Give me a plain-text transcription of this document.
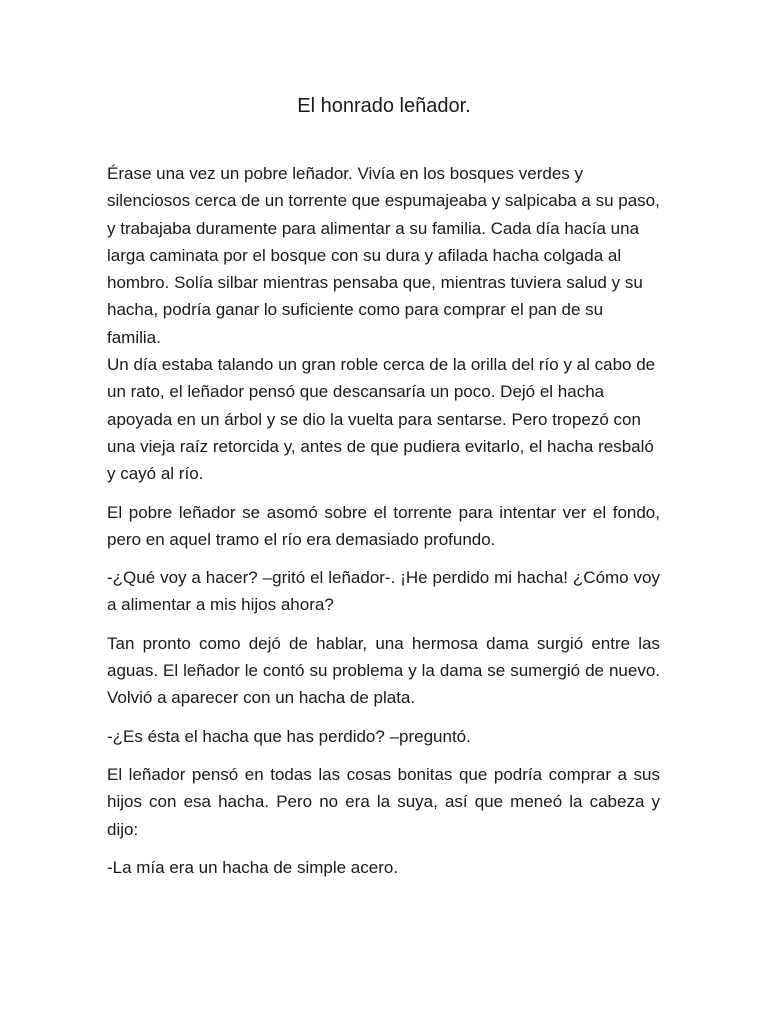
El honrado leñador.

Érase una vez un pobre leñador. Vivía en los bosques verdes y silenciosos cerca de un torrente que espumajeaba y salpicaba a su paso, y trabajaba duramente para alimentar a su familia. Cada día hacía una larga caminata por el bosque con su dura y afilada hacha colgada al hombro. Solía silbar mientras pensaba que, mientras tuviera salud y su hacha, podría ganar lo suficiente como para comprar el pan de su familia.

Un día estaba talando un gran roble cerca de la orilla del río y al cabo de un rato, el leñador pensó que descansaría un poco. Dejó el hacha apoyada en un árbol y se dio la vuelta para sentarse. Pero tropezó con una vieja raíz retorcida y, antes de que pudiera evitarlo, el hacha resbaló y cayó al río.

El pobre leñador se asomó sobre el torrente para intentar ver el fondo, pero en aquel tramo el río era demasiado profundo.

-¿Qué voy a hacer? –gritó el leñador-. ¡He perdido mi hacha! ¿Cómo voy a alimentar a mis hijos ahora?

Tan pronto como dejó de hablar, una hermosa dama surgió entre las aguas. El leñador le contó su problema y la dama se sumergió de nuevo. Volvió a aparecer con un hacha de plata.

-¿Es ésta el hacha que has perdido? –preguntó.

El leñador pensó en todas las cosas bonitas que podría comprar a sus hijos con esa hacha. Pero no era la suya, así que meneó la cabeza y dijo:

-La mía era un hacha de simple acero.
